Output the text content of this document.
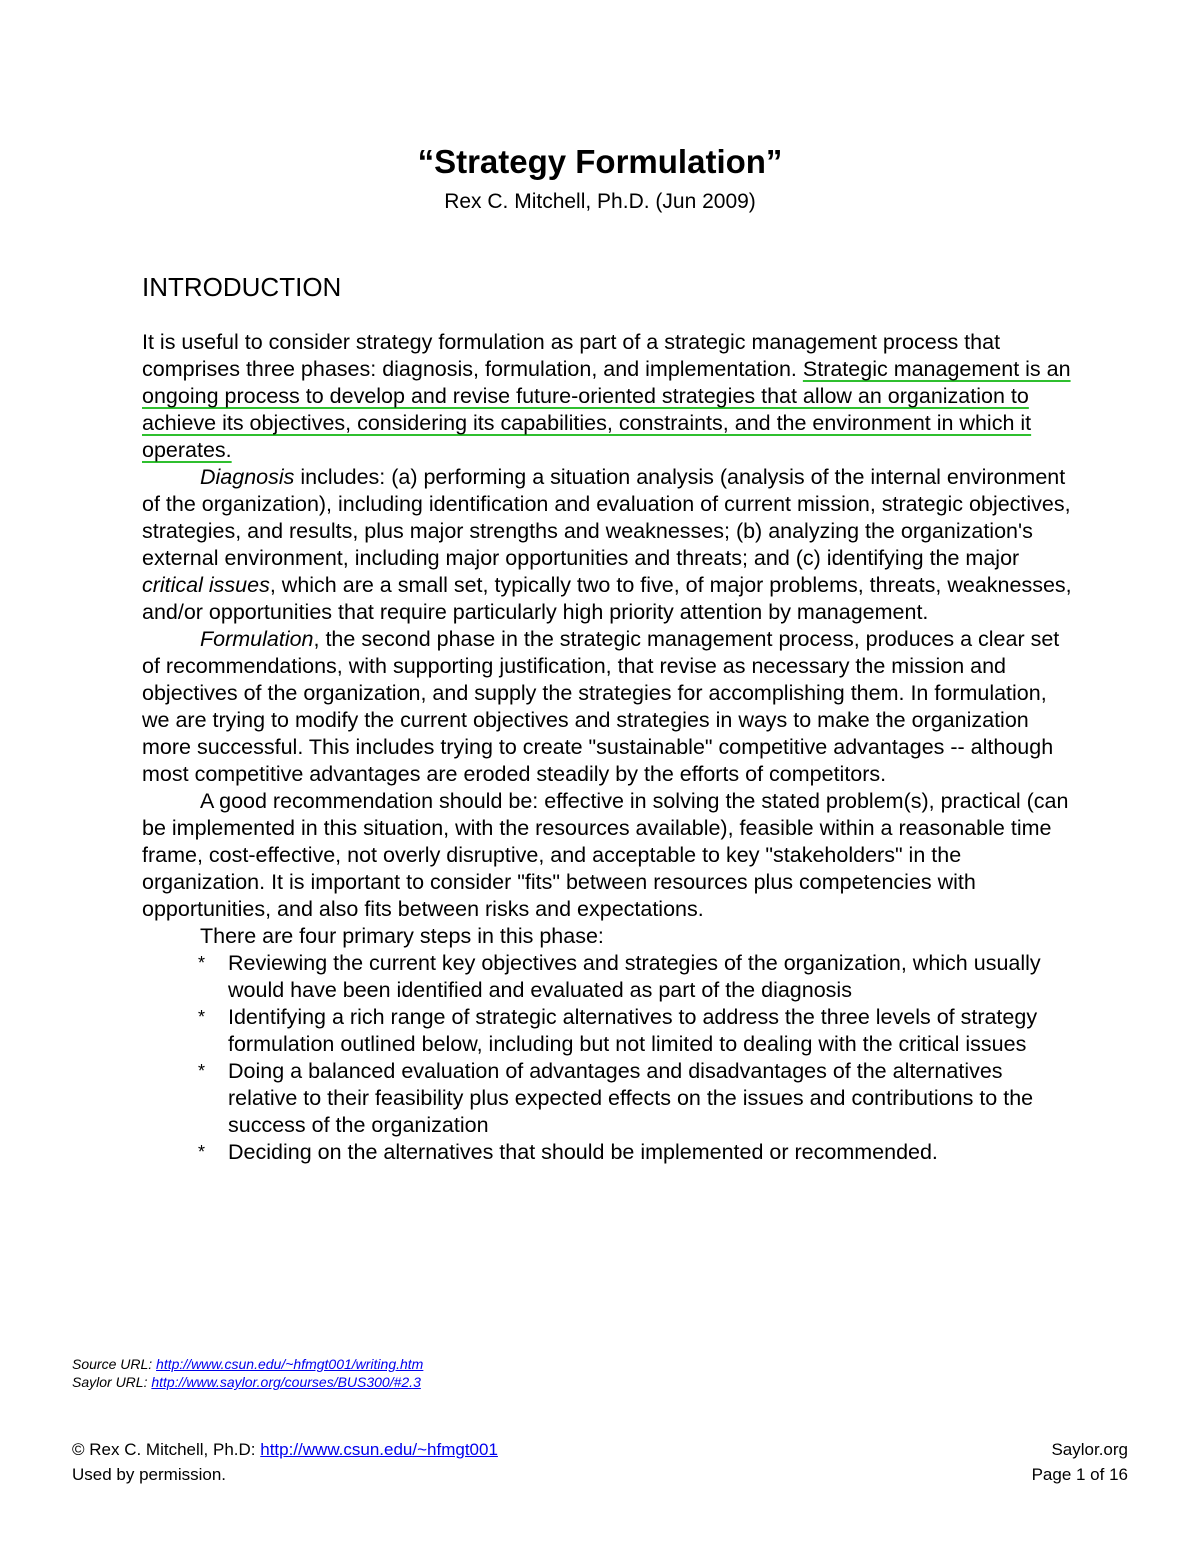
“Strategy Formulation”
Rex C. Mitchell, Ph.D. (Jun 2009)
INTRODUCTION

It is useful to consider strategy formulation as part of a strategic management process that comprises three phases: diagnosis, formulation, and implementation. Strategic management is an ongoing process to develop and revise future-oriented strategies that allow an organization to achieve its objectives, considering its capabilities, constraints, and the environment in which it operates.

Diagnosis includes: (a) performing a situation analysis (analysis of the internal environment of the organization), including identification and evaluation of current mission, strategic objectives, strategies, and results, plus major strengths and weaknesses; (b) analyzing the organization's external environment, including major opportunities and threats; and (c) identifying the major critical issues, which are a small set, typically two to five, of major problems, threats, weaknesses, and/or opportunities that require particularly high priority attention by management.

Formulation, the second phase in the strategic management process, produces a clear set of recommendations, with supporting justification, that revise as necessary the mission and objectives of the organization, and supply the strategies for accomplishing them. In formulation, we are trying to modify the current objectives and strategies in ways to make the organization more successful. This includes trying to create "sustainable" competitive advantages -- although most competitive advantages are eroded steadily by the efforts of competitors.

A good recommendation should be: effective in solving the stated problem(s), practical (can be implemented in this situation, with the resources available), feasible within a reasonable time frame, cost-effective, not overly disruptive, and acceptable to key "stakeholders" in the organization. It is important to consider "fits" between resources plus competencies with opportunities, and also fits between risks and expectations.

There are four primary steps in this phase:

* Reviewing the current key objectives and strategies of the organization, which usually would have been identified and evaluated as part of the diagnosis
* Identifying a rich range of strategic alternatives to address the three levels of strategy formulation outlined below, including but not limited to dealing with the critical issues
* Doing a balanced evaluation of advantages and disadvantages of the alternatives relative to their feasibility plus expected effects on the issues and contributions to the success of the organization
* Deciding on the alternatives that should be implemented or recommended.
Source URL: http://www.csun.edu/~hfmgt001/writing.htm
Saylor URL: http://www.saylor.org/courses/BUS300/#2.3
© Rex C. Mitchell, Ph.D: http://www.csun.edu/~hfmgt001
Used by permission.
Saylor.org
Page 1 of 16
